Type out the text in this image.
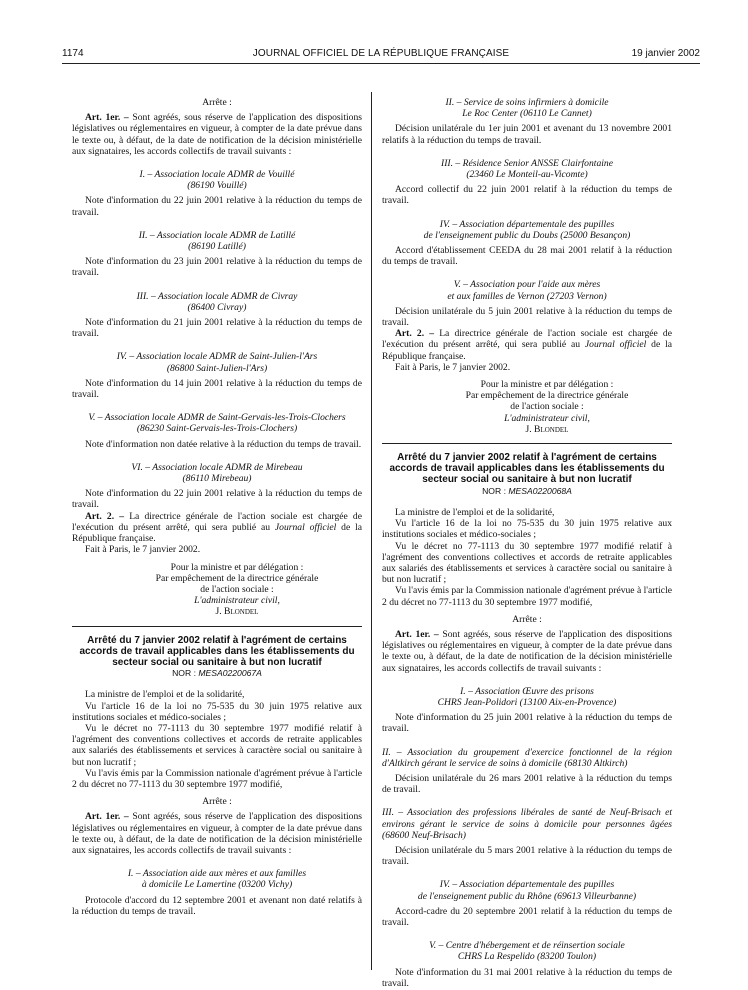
1174	JOURNAL OFFICIEL DE LA RÉPUBLIQUE FRANÇAISE	19 janvier 2002

Arrête :

Art. 1er. – Sont agréés, sous réserve de l'application des dispositions législatives ou réglementaires en vigueur, à compter de la date prévue dans le texte ou, à défaut, de la date de notification de la décision ministérielle aux signataires, les accords collectifs de travail suivants :

I. – Association locale ADMR de Vouillé

(86190 Vouillé)

Note d'information du 22 juin 2001 relative à la réduction du temps de travail.

II. – Association locale ADMR de Latillé

(86190 Latillé)

Note d'information du 23 juin 2001 relative à la réduction du temps de travail.

III. – Association locale ADMR de Civray

(86400 Civray)

Note d'information du 21 juin 2001 relative à la réduction du temps de travail.

IV. – Association locale ADMR de Saint-Julien-l'Ars

(86800 Saint-Julien-l'Ars)

Note d'information du 14 juin 2001 relative à la réduction du temps de travail.

V. – Association locale ADMR de Saint-Gervais-les-Trois-Clochers

(86230 Saint-Gervais-les-Trois-Clochers)

Note d'information non datée relative à la réduction du temps de travail.

VI. – Association locale ADMR de Mirebeau

(86110 Mirebeau)

Note d'information du 22 juin 2001 relative à la réduction du temps de travail.

Art. 2. – La directrice générale de l'action sociale est chargée de l'exécution du présent arrêté, qui sera publié au Journal officiel de la République française.

Fait à Paris, le 7 janvier 2002.

Pour la ministre et par délégation :

Par empêchement de la directrice générale

de l'action sociale :

L'administrateur civil,

J. Blondel

Arrêté du 7 janvier 2002 relatif à l'agrément de certains accords de travail applicables dans les établissements du secteur social ou sanitaire à but non lucratif

NOR : MESA0220067A

La ministre de l'emploi et de la solidarité,

Vu l'article 16 de la loi no 75-535 du 30 juin 1975 relative aux institutions sociales et médico-sociales ;

Vu le décret no 77-1113 du 30 septembre 1977 modifié relatif à l'agrément des conventions collectives et accords de retraite applicables aux salariés des établissements et services à caractère social ou sanitaire à but non lucratif ;

Vu l'avis émis par la Commission nationale d'agrément prévue à l'article 2 du décret no 77-1113 du 30 septembre 1977 modifié,

Arrête :

Art. 1er. – Sont agréés, sous réserve de l'application des dispositions législatives ou réglementaires en vigueur, à compter de la date prévue dans le texte ou, à défaut, de la date de notification de la décision ministérielle aux signataires, les accords collectifs de travail suivants :

I. – Association aide aux mères et aux familles

à domicile Le Lamertine (03200 Vichy)

Protocole d'accord du 12 septembre 2001 et avenant non daté relatifs à la réduction du temps de travail.

II. – Service de soins infirmiers à domicile

Le Roc Center (06110 Le Cannet)

Décision unilatérale du 1er juin 2001 et avenant du 13 novembre 2001 relatifs à la réduction du temps de travail.

III. – Résidence Senior ANSSE Clairfontaine

(23460 Le Monteil-au-Vicomte)

Accord collectif du 22 juin 2001 relatif à la réduction du temps de travail.

IV. – Association départementale des pupilles

de l'enseignement public du Doubs (25000 Besançon)

Accord d'établissement CEEDA du 28 mai 2001 relatif à la réduction du temps de travail.

V. – Association pour l'aide aux mères

et aux familles de Vernon (27203 Vernon)

Décision unilatérale du 5 juin 2001 relative à la réduction du temps de travail.

Art. 2. – La directrice générale de l'action sociale est chargée de l'exécution du présent arrêté, qui sera publié au Journal officiel de la République française.

Fait à Paris, le 7 janvier 2002.

Pour la ministre et par délégation :

Par empêchement de la directrice générale

de l'action sociale :

L'administrateur civil,

J. Blondel

Arrêté du 7 janvier 2002 relatif à l'agrément de certains accords de travail applicables dans les établissements du secteur social ou sanitaire à but non lucratif

NOR : MESA0220068A

La ministre de l'emploi et de la solidarité,

Vu l'article 16 de la loi no 75-535 du 30 juin 1975 relative aux institutions sociales et médico-sociales ;

Vu le décret no 77-1113 du 30 septembre 1977 modifié relatif à l'agrément des conventions collectives et accords de retraite applicables aux salariés des établissements et services à caractère social ou sanitaire à but non lucratif ;

Vu l'avis émis par la Commission nationale d'agrément prévue à l'article 2 du décret no 77-1113 du 30 septembre 1977 modifié,

Arrête :

Art. 1er. – Sont agréés, sous réserve de l'application des dispositions législatives ou réglementaires en vigueur, à compter de la date prévue dans le texte ou, à défaut, de la date de notification de la décision ministérielle aux signataires, les accords collectifs de travail suivants :

I. – Association Œuvre des prisons

CHRS Jean-Polidori (13100 Aix-en-Provence)

Note d'information du 25 juin 2001 relative à la réduction du temps de travail.

II. – Association du groupement d'exercice fonctionnel de la région d'Altkirch gérant le service de soins à domicile (68130 Altkirch)

Décision unilatérale du 26 mars 2001 relative à la réduction du temps de travail.

III. – Association des professions libérales de santé de Neuf-Brisach et environs gérant le service de soins à domicile pour personnes âgées (68600 Neuf-Brisach)

Décision unilatérale du 5 mars 2001 relative à la réduction du temps de travail.

IV. – Association départementale des pupilles

de l'enseignement public du Rhône (69613 Villeurbanne)

Accord-cadre du 20 septembre 2001 relatif à la réduction du temps de travail.

V. – Centre d'hébergement et de réinsertion sociale

CHRS La Respelido (83200 Toulon)

Note d'information du 31 mai 2001 relative à la réduction du temps de travail.
